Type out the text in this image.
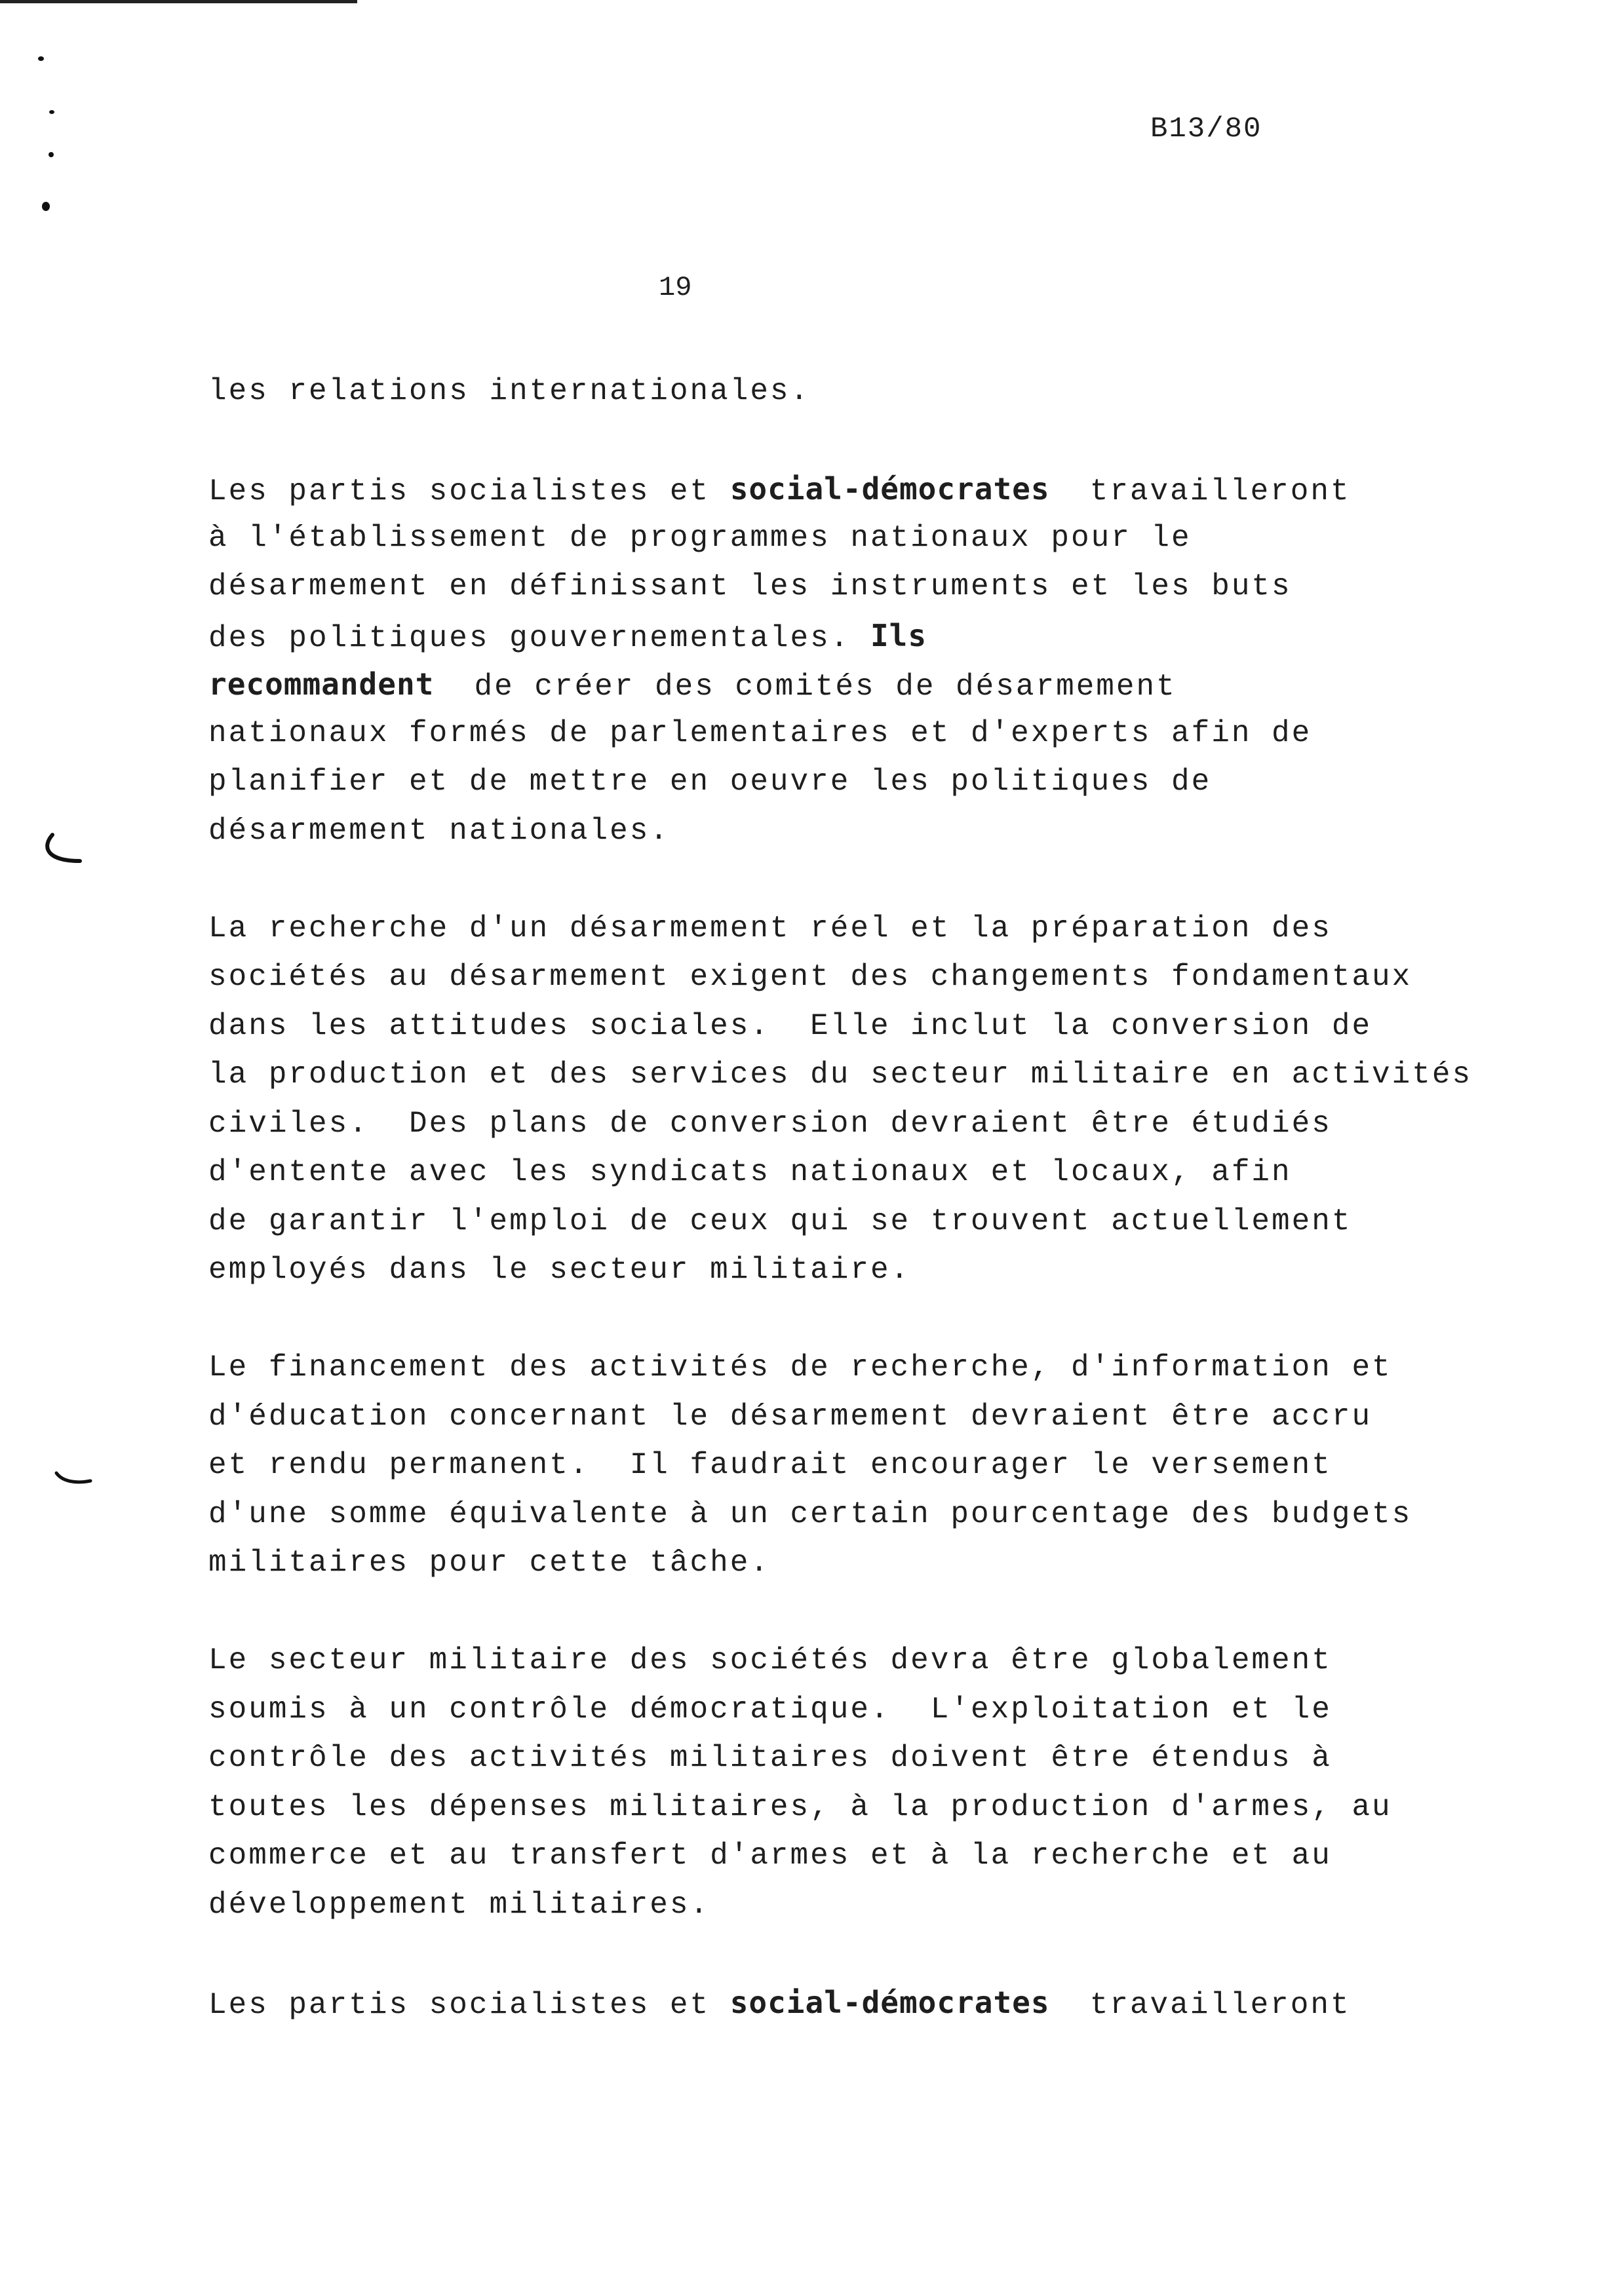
B13/80
19
les relations internationales.
Les partis socialistes et social-démocrates  travailleront
à l'établissement de programmes nationaux pour le
désarmement en définissant les instruments et les buts
des politiques gouvernementales. Ils
recommandent  de créer des comités de désarmement
nationaux formés de parlementaires et d'experts afin de
planifier et de mettre en oeuvre les politiques de
désarmement nationales.
La recherche d'un désarmement réel et la préparation des
sociétés au désarmement exigent des changements fondamentaux
dans les attitudes sociales.  Elle inclut la conversion de
la production et des services du secteur militaire en activités
civiles.  Des plans de conversion devraient être étudiés
d'entente avec les syndicats nationaux et locaux, afin
de garantir l'emploi de ceux qui se trouvent actuellement
employés dans le secteur militaire.
Le financement des activités de recherche, d'information et
d'éducation concernant le désarmement devraient être accru
et rendu permanent.  Il faudrait encourager le versement
d'une somme équivalente à un certain pourcentage des budgets
militaires pour cette tâche.
Le secteur militaire des sociétés devra être globalement
soumis à un contrôle démocratique.  L'exploitation et le
contrôle des activités militaires doivent être étendus à
toutes les dépenses militaires, à la production d'armes, au
commerce et au transfert d'armes et à la recherche et au
développement militaires.
Les partis socialistes et social-démocrates  travailleront
